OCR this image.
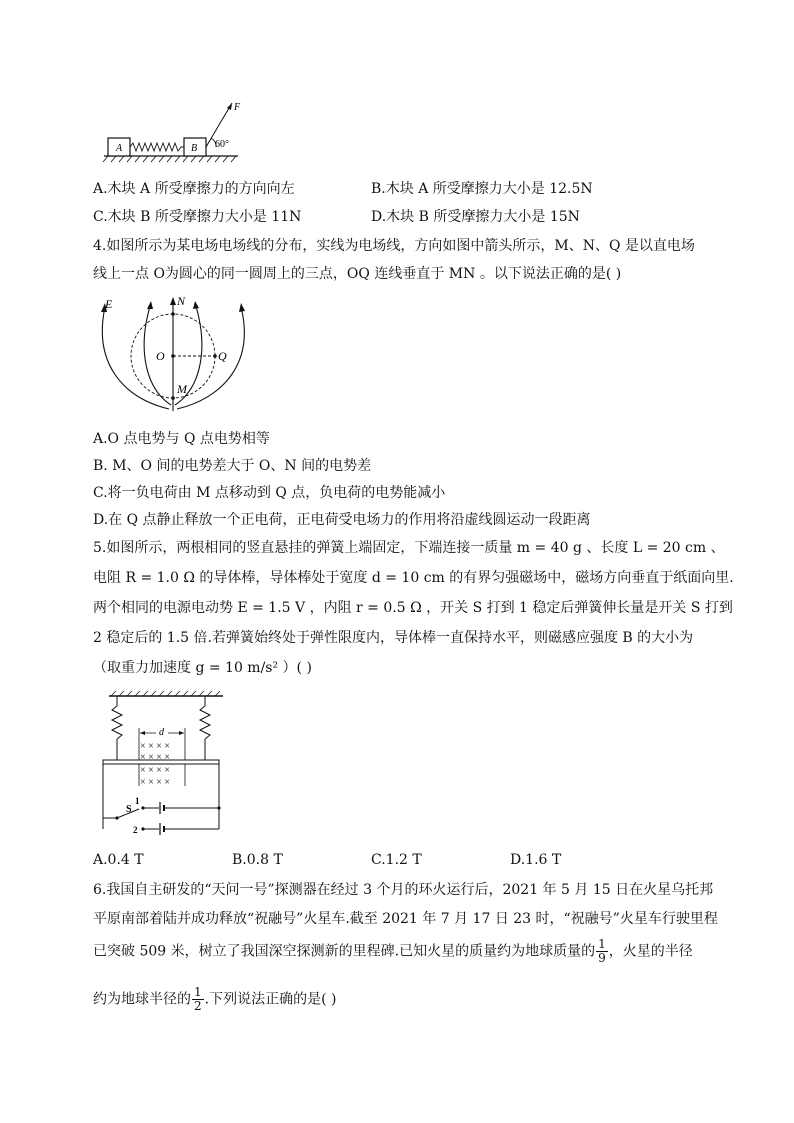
A	B
F
60°
A.木块 A 所受摩擦力的方向向左	B.木块 A 所受摩擦力大小是 12.5N
C.木块 B 所受摩擦力大小是 11N	D.木块 B 所受摩擦力大小是 15N
4.如图所示为某电场电场线的分布，实线为电场线，方向如图中箭头所示，M、N、Q 是以直电场
线上一点 O为圆心的同一圆周上的三点，OQ 连线垂直于 MN 。以下说法正确的是( )
E	N
O	Q
M
A.O 点电势与 Q 点电势相等
B. M、O 间的电势差大于 O、N 间的电势差
C.将一负电荷由 M 点移动到 Q 点，负电荷的电势能减小
D.在 Q 点静止释放一个正电荷，正电荷受电场力的作用将沿虚线圆运动一段距离
5.如图所示，两根相同的竖直悬挂的弹簧上端固定，下端连接一质量 m = 40 g 、长度 L = 20 cm 、
电阻 R = 1.0 Ω 的导体棒，导体棒处于宽度 d = 10 cm 的有界匀强磁场中，磁场方向垂直于纸面向里.
两个相同的电源电动势 E = 1.5 V ，内阻 r = 0.5 Ω ，开关 S 打到 1 稳定后弹簧伸长量是开关 S 打到
2 稳定后的 1.5 倍.若弹簧始终处于弹性限度内，导体棒一直保持水平，则磁感应强度 B 的大小为
（取重力加速度 g = 10 m/s² ）( )
d
× × × ×
× × × ×
× × × ×
× × × ×
S
1
2
A.0.4 T	B.0.8 T	C.1.2 T	D.1.6 T
6.我国自主研发的“天问一号”探测器在经过 3 个月的环火运行后，2021 年 5 月 15 日在火星乌托邦
平原南部着陆并成功释放“祝融号”火星车.截至 2021 年 7 月 17 日 23 时，“祝融号”火星车行驶里程
已突破 509 米，树立了我国深空探测新的里程碑.已知火星的质量约为地球质量的 $\frac{1}{9}$ ，火星的半径
约为地球半径的 $\frac{1}{2}$ .下列说法正确的是( )
